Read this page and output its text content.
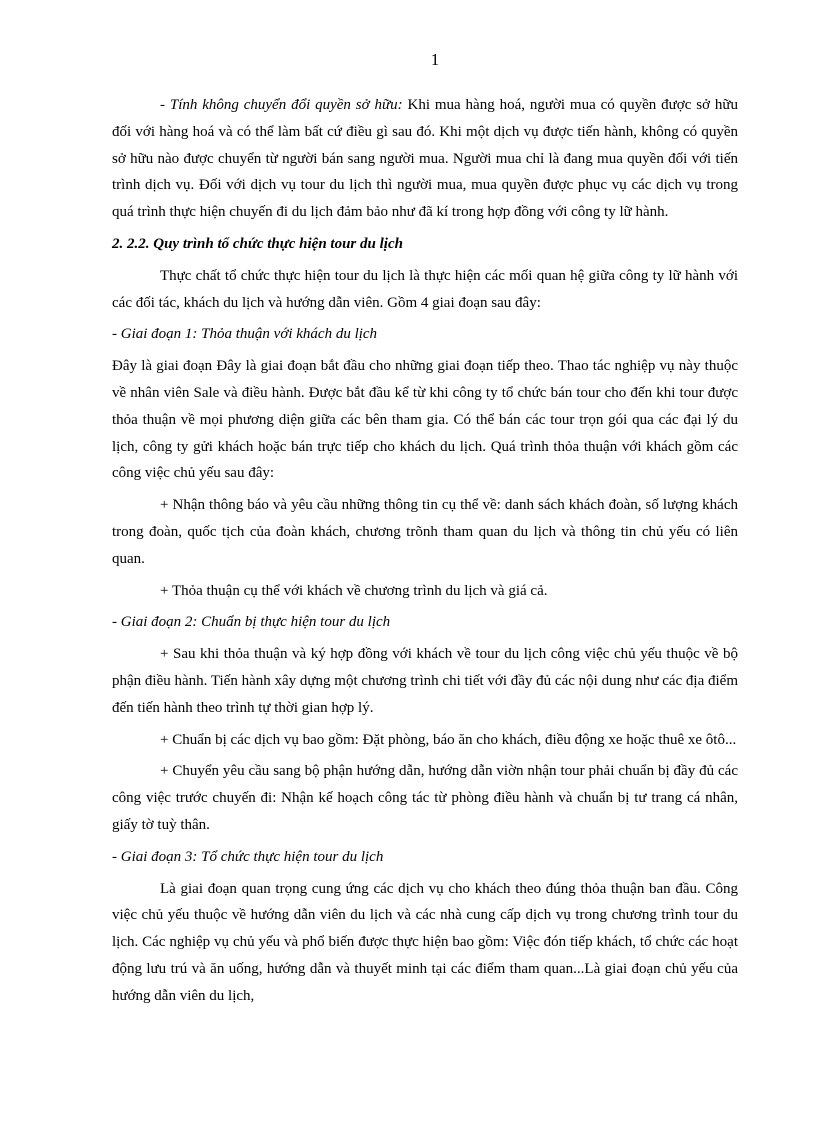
1

- Tính không chuyển đổi quyền sở hữu: Khi mua hàng hoá, người mua có quyền được sở hữu đối với hàng hoá và có thể làm bất cứ điều gì sau đó. Khi một dịch vụ được tiến hành, không có quyền sở hữu nào được chuyển từ người bán sang người mua. Người mua chỉ là đang mua quyền đối với tiến trình dịch vụ. Đối với dịch vụ tour du lịch thì người mua, mua quyền được phục vụ các dịch vụ trong quá trình thực hiện chuyến đi du lịch đảm bảo như đã kí trong hợp đồng với công ty lữ hành.

2. 2.2. Quy trình tổ chức thực hiện tour du lịch

Thực chất tổ chức thực hiện tour du lịch là thực hiện các mối quan hệ giữa công ty lữ hành với các đối tác, khách du lịch và hướng dẫn viên. Gồm 4 giai đoạn sau đây:

- Giai đoạn 1: Thỏa thuận với khách du lịch

Đây là giai đoạn Đây là giai đoạn bắt đầu cho những giai đoạn tiếp theo. Thao tác nghiệp vụ này thuộc về nhân viên Sale và điều hành. Được bắt đầu kể từ khi công ty tổ chức bán tour cho đến khi tour được thỏa thuận về mọi phương diện giữa các bên tham gia. Có thể bán các tour trọn gói qua các đại lý du lịch, công ty gửi khách hoặc bán trực tiếp cho khách du lịch. Quá trình thỏa thuận với khách gồm các công việc chủ yếu sau đây:

+ Nhận thông báo và yêu cầu những thông tin cụ thể về: danh sách khách đoàn, số lượng khách trong đoàn, quốc tịch của đoàn khách, chương trõnh tham quan du lịch và thông tin chủ yếu có liên quan.

+ Thỏa thuận cụ thể với khách về chương trình du lịch và giá cả.

- Giai đoạn 2: Chuẩn bị thực hiện tour du lịch

+ Sau khi thỏa thuận và ký hợp đồng với khách về tour du lịch công việc chủ yếu thuộc về bộ phận điều hành. Tiến hành xây dựng một chương trình chi tiết với đầy đủ các nội dung như các địa điểm đến tiến hành theo trình tự thời gian hợp lý.

+ Chuẩn bị các dịch vụ bao gồm: Đặt phòng, báo ăn cho khách, điều động xe hoặc thuê xe ôtô...

+ Chuyển yêu cầu sang bộ phận hướng dẫn, hướng dẫn viờn nhận tour phải chuẩn bị đầy đủ các công việc trước chuyến đi: Nhận kế hoạch công tác từ phòng điều hành và chuẩn bị tư trang cá nhân, giấy tờ tuỳ thân.

- Giai đoạn 3: Tổ chức thực hiện tour du lịch

Là giai đoạn quan trọng cung ứng các dịch vụ cho khách theo đúng thỏa thuận ban đầu. Công việc chủ yếu thuộc về hướng dẫn viên du lịch và các nhà cung cấp dịch vụ trong chương trình tour du lịch. Các nghiệp vụ chủ yếu và phổ biến được thực hiện bao gồm: Việc đón tiếp khách, tổ chức các hoạt động lưu trú và ăn uống, hướng dẫn và thuyết minh tại các điểm tham quan...Là giai đoạn chủ yếu của hướng dẫn viên du lịch,
